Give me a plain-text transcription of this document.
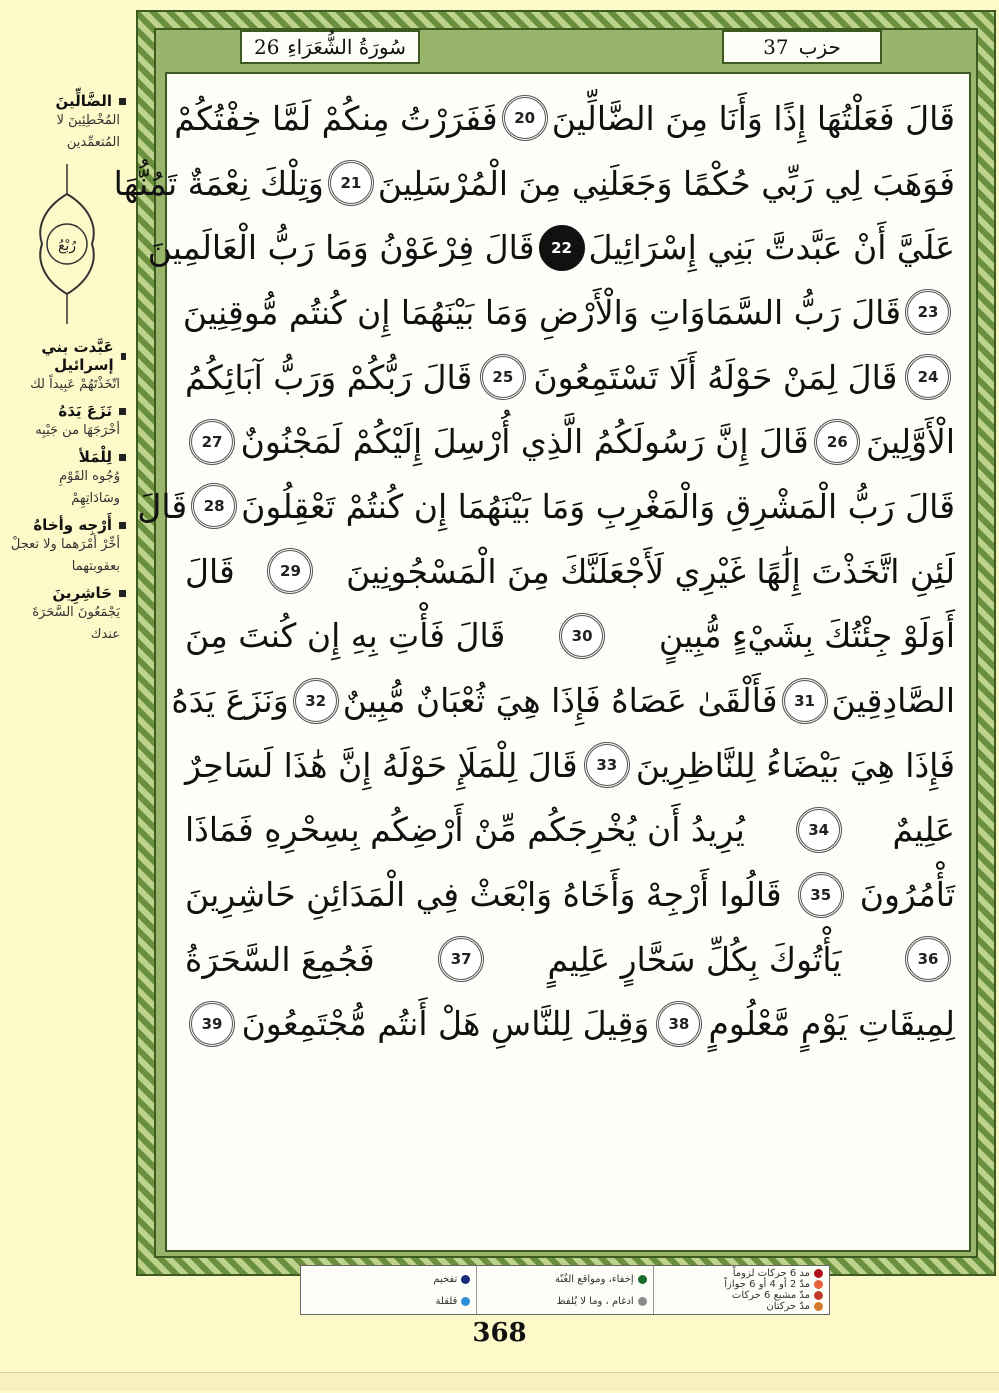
الضَّالِّينَ
المُخْطِئِينَ لا المُتعمِّدين
رُبْعُ
عَبَّدت بني إسرائيل
اتّخَذْتَهُمْ عَبِيداً لك
نَزَعَ يَدَهُ
أخْرَجَهَا من جَيْبِه
لِلْمَلأ
وُجُوه القَوْمِ وسَادَاتِهِمْ
أَرْجِه وأخاهُ
أخِّرْ أمْرَهما ولا تعجلْ بعقوبتهما
حَاشِرِينَ
يَجْمَعُونَ السَّحَرَةَ عندك
26 سُورَةُ الشُّعَرَاءِ	حزب
37
قَالَ فَعَلْتُهَا إِذًا وَأَنَا مِنَ الضَّالِّينَ
20
فَفَرَرْتُ مِنكُمْ لَمَّا خِفْتُكُمْ
فَوَهَبَ لِي رَبِّي حُكْمًا وَجَعَلَنِي مِنَ الْمُرْسَلِينَ
21
وَتِلْكَ نِعْمَةٌ تَمُنُّهَا
عَلَيَّ أَنْ عَبَّدتَّ بَنِي إِسْرَائِيلَ
22
قَالَ فِرْعَوْنُ وَمَا رَبُّ الْعَالَمِينَ
23
قَالَ رَبُّ السَّمَاوَاتِ وَالْأَرْضِ وَمَا بَيْنَهُمَا إِن كُنتُم مُّوقِنِينَ
24
قَالَ لِمَنْ حَوْلَهُ أَلَا تَسْتَمِعُونَ
25
قَالَ رَبُّكُمْ وَرَبُّ آبَائِكُمُ
الْأَوَّلِينَ
26
قَالَ إِنَّ رَسُولَكُمُ الَّذِي أُرْسِلَ إِلَيْكُمْ لَمَجْنُونٌ
27
قَالَ رَبُّ الْمَشْرِقِ وَالْمَغْرِبِ وَمَا بَيْنَهُمَا إِن كُنتُمْ تَعْقِلُونَ
28
قَالَ
لَئِنِ اتَّخَذْتَ إِلَٰهًا غَيْرِي لَأَجْعَلَنَّكَ مِنَ الْمَسْجُونِينَ
29
قَالَ
أَوَلَوْ جِئْتُكَ بِشَيْءٍ مُّبِينٍ
30
قَالَ فَأْتِ بِهِ إِن كُنتَ مِنَ
الصَّادِقِينَ
31
فَأَلْقَىٰ عَصَاهُ فَإِذَا هِيَ ثُعْبَانٌ مُّبِينٌ
32
وَنَزَعَ يَدَهُ
فَإِذَا هِيَ بَيْضَاءُ لِلنَّاظِرِينَ
33
قَالَ لِلْمَلَإِ حَوْلَهُ إِنَّ هَٰذَا لَسَاحِرٌ
عَلِيمٌ
34
يُرِيدُ أَن يُخْرِجَكُم مِّنْ أَرْضِكُم بِسِحْرِهِ فَمَاذَا
تَأْمُرُونَ
35
قَالُوا أَرْجِهْ وَأَخَاهُ وَابْعَثْ فِي الْمَدَائِنِ حَاشِرِينَ
36
يَأْتُوكَ بِكُلِّ سَحَّارٍ عَلِيمٍ
37
فَجُمِعَ السَّحَرَةُ
لِمِيقَاتِ يَوْمٍ مَّعْلُومٍ
38
وَقِيلَ لِلنَّاسِ هَلْ أَنتُم مُّجْتَمِعُونَ
39
مد 6 حركات لزوماً
مدّ 2 أو 4 أو 6 جوازاً
مدّ مشبع 6 حركات
مدّ حركتان
إخفاء، ومواقع الغُنّة
ادغام ، وما لا يُلفظ
تفخيم
قلقلة
368
